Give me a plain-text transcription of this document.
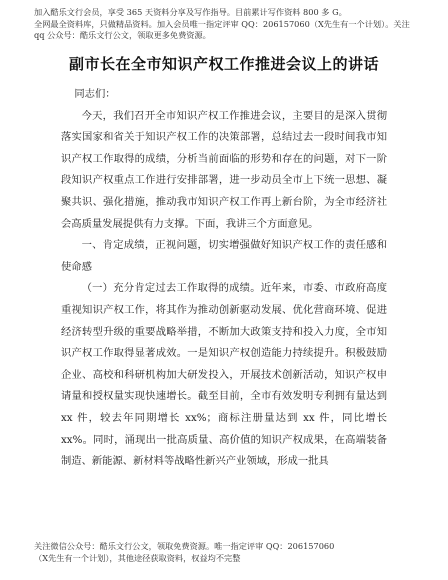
加入酷乐文行会员，享受 365 天资料分享及写作指导。目前累计写作资料 800 多 G。
全网最全资料库，只做精品资料。加入会员唯一指定评审 QQ：206157060（X先生有一个计划）。关注 qq 公众号：酷乐文行公文，领取更多免费资源。
副市长在全市知识产权工作推进会议上的讲话

同志们：

今天，我们召开全市知识产权工作推进会议，主要目的是深入贯彻落实国家和省关于知识产权工作的决策部署，总结过去一段时间我市知识产权工作取得的成绩，分析当前面临的形势和存在的问题，对下一阶段知识产权重点工作进行安排部署，进一步动员全市上下统一思想、凝聚共识、强化措施，推动我市知识产权工作再上新台阶，为全市经济社会高质量发展提供有力支撑。下面，我讲三个方面意见。

一、肯定成绩，正视问题，切实增强做好知识产权工作的责任感和使命感

（一）充分肯定过去工作取得的成绩。近年来，市委、市政府高度重视知识产权工作，将其作为推动创新驱动发展、优化营商环境、促进经济转型升级的重要战略举措，不断加大政策支持和投入力度，全市知识产权工作取得显著成效。一是知识产权创造能力持续提升。积极鼓励企业、高校和科研机构加大研发投入，开展技术创新活动，知识产权申请量和授权量实现快速增长。截至目前，全市有效发明专利拥有量达到 xx 件，较去年同期增长 xx%；商标注册量达到 xx 件，同比增长 xx%。同时，涌现出一批高质量、高价值的知识产权成果，在高端装备制造、新能源、新材料等战略性新兴产业领域，形成一批具

关注微信公众号：酷乐文行公文，领取免费资源。唯一指定评审 QQ：206157060
（X先生有一个计划），其他途径获取资料，权益均不完整
